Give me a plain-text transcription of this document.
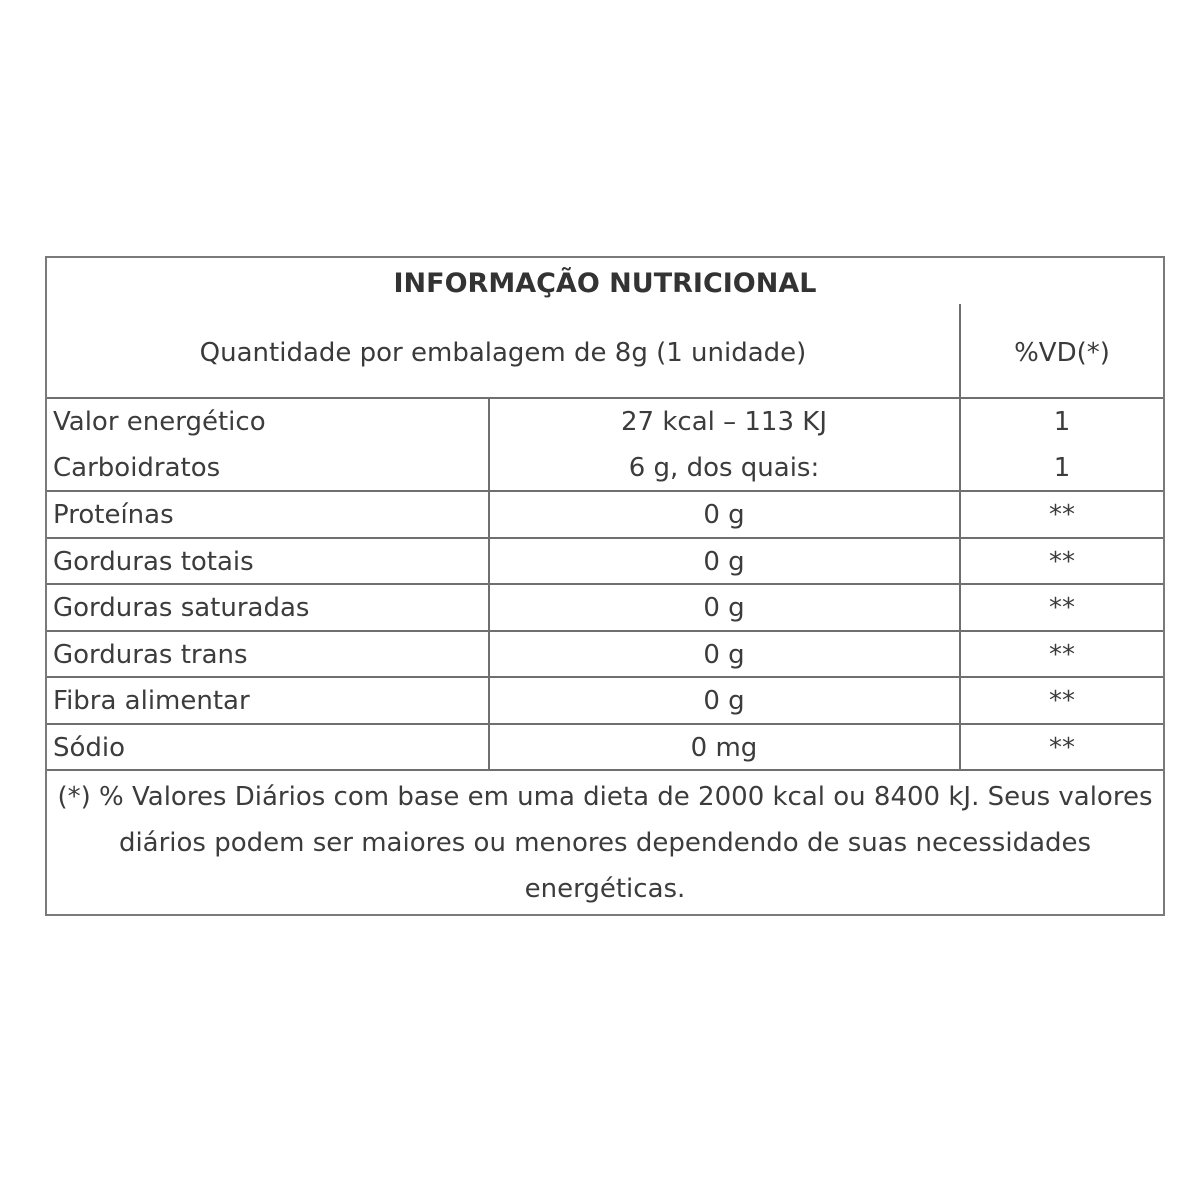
INFORMAÇÃO NUTRICIONAL
Quantidade por embalagem de 8g (1 unidade)	%VD(*)
Valor energético	27 kcal – 113 KJ	1
Carboidratos	6 g, dos quais:	1
Proteínas	0 g	**
Gorduras totais	0 g	**
Gorduras saturadas	0 g	**
Gorduras trans	0 g	**
Fibra alimentar	0 g	**
Sódio	0 mg	**
(*) % Valores Diários com base em uma dieta de 2000 kcal ou 8400 kJ. Seus valores diários podem ser maiores ou menores dependendo de suas necessidades energéticas.
